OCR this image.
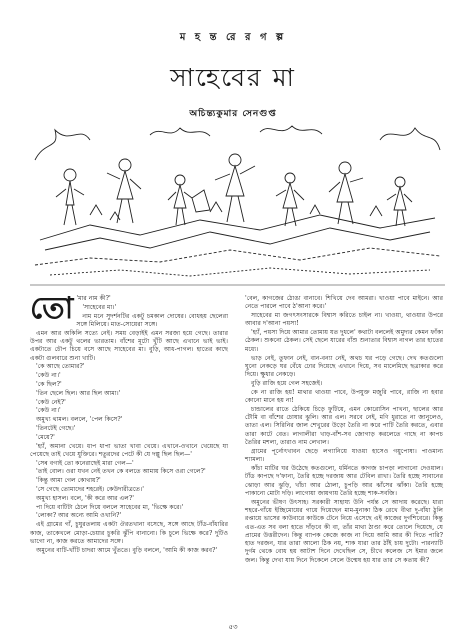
ম হ ন্ত রে র গ ল্প
সাহেবের মা
অচিন্ত্যকুমার সেনগুপ্ত

তো 'মার নাম কী?'

'সাহেবের মা।'

নাম মনে সুদর্শনটির একটু চমকাল দোষের। বোধহয় ছেলেরা সঙ্গে মিলিয়ে। মাত-সোয়েরা সঙ্গে।

এমন আর অকিলি সত্যে নেই। সময় বেড়াইই এমন সরজা হয়ে গেছে। তারার উপর আর একটু থলের ভারতাম। বাঁশের মূটো খুঁটি আছে এখানে ভাই ভাই। একটাতে চৌপ চিয়ে বসে আছে সাহেবের মা। বুড়ি, আধ-পাগল। হাতের কাছে একটা গুলবারে শুনা খাটি।

'কে আছে তোমার?'

'কেউ না।'

'কে ছিল?'

'তিন ছেলে ছিল। আর ছিল আমা।'

'কেউ নেই?'

'কেউ না।'

অমুখ্য থামল। বললে, 'পেল কিসে?'

'তিনটেই গেছে।'

'মেয়ে?'

'হ্যাঁ, অমানা খেয়ে। ধাপ ধাপা ভাতা খাবা খেয়ে। এখানে-ওখানে খেয়েছে যা পেয়েছে তাই খেয়ে যুক্তিরে। শতুরদের পেটে কী যে দল্পু ছিল ছিল—'

'সেৰ বগাই তো কনেরাছেই মারা গেল—'

'তাই বোল। ওরা যখন নেই তখন কে বলতে আমায় কিসে ওরা গেলে?'

'কিন্তু আমা গেল কোথায়?'

'সে গেছে তোমাদের শহরেই। কেউদারীত্রতে।'

অমুখ্য হাসল। বলে, 'কী করে আর এল?'

পা দিয়ে বাটিটা ঠেলে দিয়ে বললে সাহেবের মা, 'ভিক্ষে করে।'

'লোকা? আর অন্যে আমি ওখানি?'

এই গ্রামের গাঁ, চুঘুরতলায় একটা ঔরতখানা বসেছে, সঙ্গে আছে টাঁড-বাঁধারির কাজ, তাকেখলে মোড়া-চেয়ার চুকরি ঝুঁপি বানানো। কি চুলে ভিক্ষে করে? দুটিও ভাগো না, কাজ করতে আমাদের সঙ্গে।

অমুনের বাটি-খাঁটি চাদরা আমে খুঁততে। বুড়ি বললে, 'আমি কী কাজ করব?'

'বেল, কাগজের ঠোঙা বানাবে। শিখিয়ে দেব আমরা। খাওয়া পাবে মাইনে। আর নেতে পারলে পাবে ঠ'আনা করে।'

সাহেবের মা জগৎসংসারকে বিশ্বাস করিতে চাইল না। খাওয়া, থাওয়ার উপরে আবার দ'আনা পয়সা!

'হ্যাঁ, পয়সা দিয়ে আমার তোমায় যত দুধলে' কথাটা বললেই অমুদ্যর কেমন ফাঁকা ঠেকল। শুকনো ঠেকল। সেই ছেলে যারের বাঁশু শুন্যতার বিশ্বাস নাগল তার হাতের মধ্যে।

ভাড় নেই, তুফান নেই, বান-বন্যা নেই, অথচ ঘর পড়ে গেছে। দেখ কতগুলো ঘুনো নেকড়ে ঘর বেঁধে ঢোর দিয়েছে এখানে দিয়ে, সব মালেমিছে ছত্রাকার করে দিয়ে। ক্ষুধার নেকড়ে।

বুড়ি রাজি হয়ে গেল সহজেই।

কে না রাজি হয়! মাথার থাওয়া পাবে, উপযুক্ত মজুরি পাবে, রাজি না হবার কোনো মানে হয় না!

চান্ডালের রাতে ঠেকিয়ে চিড়ে ফুটিয়ে, এমন কোরোসিন পাখনা, ছালের আর টৌমি বা বাঁশের চোষার ঝুলি। আর এল। সরবে নেই, মণি ধুরাতে না জানুলেও, তাতা এল। সিরিনির জাল শেখুরের উড়ো তৈরি না করে পাটি তৈরি করতে, এবার তারা কাটে বেত। লাগালীরা খাড়-বাঁশ-সব জোগাড় করলেতে গাছে না কাপচ তৈরির মশলা, তারাও নাম লেখাল।

গ্রামের পূর্নোৎখাবন ছেড়ে লগ্যানিয়ে যাওয়া হাসেও গয়ুপোষ্য। পাওমান্য শ্যামলা।

কাঁচা মাটির ঘর উঠেছে কতগুলো, ধর্মিনতে কাগজ চাপড়া লাগানো দেওয়াল। টাঁড কাপছে দ'ফানা, তৈরি হচ্ছে দরজায় আর টেবিল রাখা। তৈরি হচ্ছে সাবানের ঝোড়া আর ঝুড়ি, খাঁচা আর ঠোলা, চুপড়ি আর ঝাঁসের ঝাঁকা। তৈরি হচ্ছে পাকানো মোটা দড়ি। লাগোয়া জায়গায় তৈরি হচ্ছে শাক-সবজি।

অমুনের ভীষণ উৎসাহ। সরকারী সাহায্য উনি পর্যন্ত সে আদায় করেছে। ধারা শহরে-গাঁয়ে ইচ্ছিমোয়ের গায়ে দিয়েছেন মাম-মুনাকা ঠিক রেখে বীথা দু-বাঁধা ঠুলি রপ্তায়ে ভাসের কাউবারে কাউকে টেনে নিয়ে এসেছে এই কাজের দুর্গশিবেরে। কিন্তু এত-এত সব বলা হাতে দাঁড়বে কী বা, তাঁর মাথা ঠাণ্ডা করে তোলে দিয়েছে, যে প্রামের উত্তরীদেন। কিন্তু ব্যাপক কেজে কাজ না দিয়ে আমি আর কী দিতে পারি? হাত দরজন, যার তারা আলো ঠিক নয়, শাক যারা তার ঠাঁই চায় দুটো। পারন্যাটি দুর্গম থেকে বোধ হয় আটাশ দিনে দেখেছিল সে, চীখে কলেজ সে ইমার জলে জল। কিন্তু দেখা যায় দিনে দিকেলে সেলে উন্মেষ হয় যার তার সে কতায় কী?

৫৩
